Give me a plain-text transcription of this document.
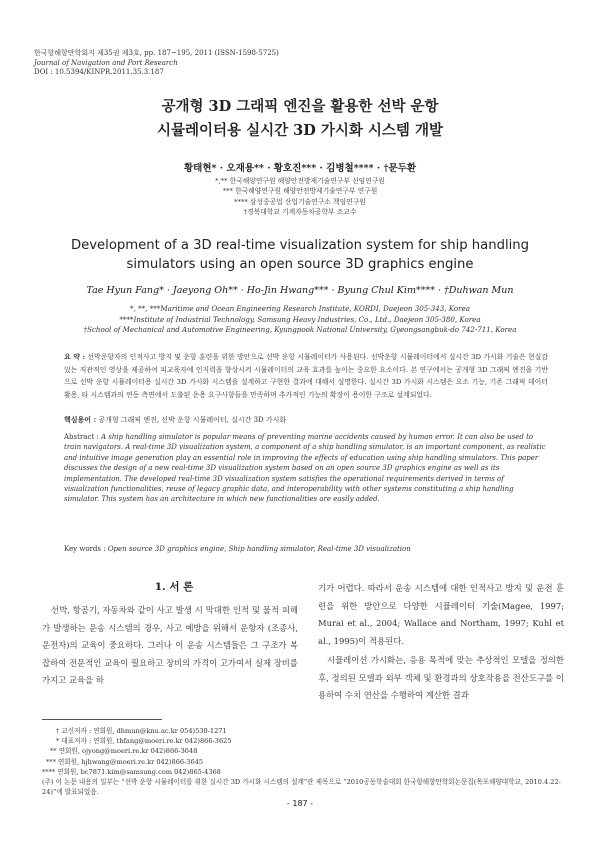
한국항해항만학회지 제35권 제3호, pp. 187~195, 2011 (ISSN-1598-5725)
Journal of Navigation and Port Research
DOI : 10.5394/KINPR.2011.35.3.187
공개형 3D 그래픽 엔진을 활용한 선박 운항
시뮬레이터용 실시간 3D 가시화 시스템 개발
황태현* · 오재용** · 황호진*** · 김병철**** · †문두환
*,** 한국해양연구원 해양안전방제기술연구부 선임연구원
*** 한국해양연구원 해양안전방제기술연구부 연구원
**** 삼성중공업 산업기술연구소 책임연구원
†경북대학교 기계자동차공학부 조교수
Development of a 3D real-time visualization system for ship handling
simulators using an open source 3D graphics engine
Tae Hyun Fang* · Jaeyong Oh** · Ho-Jin Hwang*** · Byung Chul Kim**** · †Duhwan Mun
*, **, ***Maritime and Ocean Engineering Research Institute, KORDI, Daejeon 305-343, Korea
****Institute of Industrial Technology, Samsung Heavy Industries, Co., Ltd., Daejeon 305-380, Korea
†School of Mechanical and Automotive Engineering, Kyungpook National University, Gyeongsangbuk-do 742-711, Korea
요 약 : 선박운항자의 인적사고 방지 및 운항 훈련을 위한 방안으로 선박 운항 시뮬레이터가 사용된다. 선박운항 시뮬레이터에서 실시간 3D 가시화 기술은 현실감 있는 직관적인 영상을 제공하여 피교육자에 인지력을 향상시켜 시뮬레이터의 교육 효과를 높이는 중요한 요소이다. 본 연구에서는 공개형 3D 그래픽 엔진을 기반으로 선박 운항 시뮬레이터용 실시간 3D 가시화 시스템을 설계하고 구현한 결과에 대해서 설명한다. 실시간 3D 가시화 시스템은 요소 기능, 기존 그래픽 데이터 활용, 타 시스템과의 연동 측면에서 도출된 운용 요구사항들을 만족하며 추가적인 기능의 확장이 용이한 구조로 설계되었다.
핵심용어 : 공개형 그래픽 엔진, 선박 운항 시뮬레이터, 실시간 3D 가시화
Abstract : A ship handling simulator is popular means of preventing marine accidents caused by human error. It can also be used to train navigators. A real-time 3D visualization system, a component of a ship handling simulator, is an important component, as realistic and intuitive image generation play an essential role in improving the effects of education using ship handling simulators. This paper discusses the design of a new real-time 3D visualization system based on an open source 3D graphics engine as well as its implementation. The developed real-time 3D visualization system satisfies the operational requirements derived in terms of visualization functionalities, reuse of legacy graphic data, and interoperability with other systems constituting a ship handling simulator. This system has an architecture in which new functionalities are easily added.
Key words : Open source 3D graphics engine, Ship handling simulator, Real-time 3D visualization
1. 서 론
선박, 항공기, 자동차와 같이 사고 발생 시 막대한 인적 및 물적 피해가 발생하는 운송 시스템의 경우, 사고 예방을 위해서 운항자 (조종사, 운전자)의 교육이 중요하다. 그러나 이 운송 시스템들은 그 구조가 복잡하여 전문적인 교육이 필요하고 장비의 가격이 고가여서 실제 장비를 가지고 교육을 하
기가 어렵다. 따라서 운송 시스템에 대한 인적사고 방지 및 운전 훈련을 위한 방안으로 다양한 시뮬레이터 기술(Magee, 1997; Murai et al., 2004; Wallace and Northam, 1997; Kuhl et al., 1995)이 적용된다.
시뮬레이션 가시화는, 응용 목적에 맞는 추상적인 모델을 정의한 후, 정의된 모델과 외부 객체 및 환경과의 상호작용을 전산도구를 이용하여 수치 연산을 수행하여 계산한 결과
† 교신저자 : 연회원, dhmun@knu.ac.kr 054)530-1271
* 대표저자 : 연회원, thfang@moeri.re.kr 042)866-3625
** 연회원, ojyong@moeri.re.kr 042)866-3648
*** 연회원, hjhwang@moeri.re.kr 042)866-3645
**** 연회원, bc7871.kim@samsung.com 042)865-4368
(주) 이 논문 내용의 일부는 “선박 운항 시뮬레이터를 위한 실시간 3D 가시화 시스템의 설계”란 제목으로 “2010공동학술대회 한국항해항만학회논문집(목포해양대학교, 2010.4.22-24)”에 발표되었음.
- 187 -
